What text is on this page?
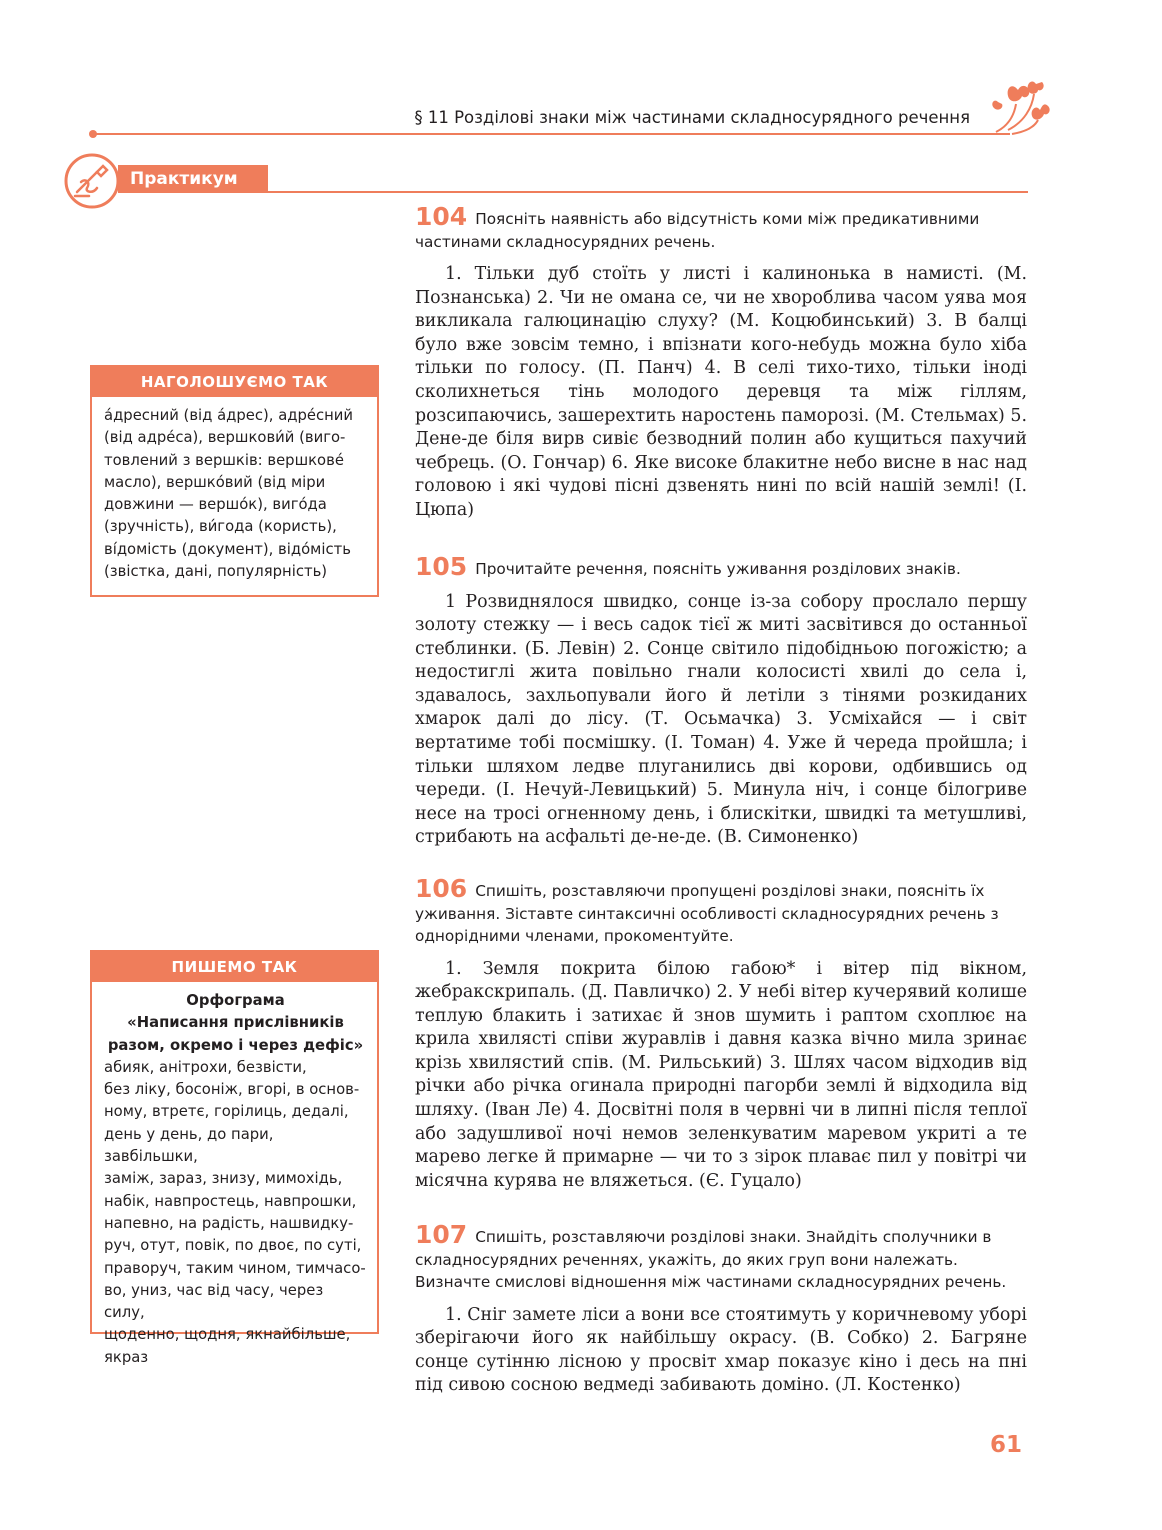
§ 11 Розділові знаки між частинами складносурядного речення
Практикум
НАГОЛОШУЄМО ТАК
а́дресний (від а́дрес), адре́сний
(від адре́са), вершкови́й (виго-
товлений з вершків: вершкове́
масло), вершко́вий (від міри
довжини — вершо́к), виго́да
(зручність), ви́года (користь),
ві́домість (документ), відо́мість
(звістка, дані, популярність)
ПИШЕМО ТАК
Орфограма
«Написання прислівників
разом, окремо і через дефіс»
абияк, анітрохи, безвісти,
без ліку, босоніж, вгорі, в основ-
ному, втретє, горілиць, дедалі,
день у день, до пари, завбільшки,
заміж, зараз, знизу, мимохідь,
набік, навпростець, навпрошки,
напевно, на радість, нашвидку-
руч, отут, повік, по двоє, по суті,
праворуч, таким чином, тимчасо-
во, униз, час від часу, через силу,
щоденно, щодня, якнайбільше,
якраз
104 Поясніть наявність або відсутність коми між предикативними частинами складносурядних речень.
1. Тільки дуб стоїть у листі і калинонька в намисті. (М. Познанська) 2. Чи не омана се, чи не хвороблива часом уява моя викликала галюцинацію слуху? (М. Коцюбинський) 3. В балці було вже зовсім темно, і впізнати кого-небудь можна було хіба тільки по голосу. (П. Панч) 4. В селі тихо-тихо, тільки іноді сколихнеться тінь молодого деревця та між гіллям, розсипаючись, зашерехтить наростень паморозі. (М. Стельмах) 5. Дене-де біля вирв сивіє безводний полин або кущиться пахучий чебрець. (О. Гончар) 6. Яке високе блакитне небо висне в нас над головою і які чудові пісні дзвенять нині по всій нашій землі! (І. Цюпа)
105 Прочитайте речення, поясніть уживання розділових знаків.
1 Розвиднялося швидко, сонце із-за собору прослало першу золоту стежку — і весь садок тієї ж миті засвітився до останньої стеблинки. (Б. Левін) 2. Сонце світило підобідньою погожістю; а недостиглі жита повільно гнали колосисті хвилі до села і, здавалось, захльопували його й летіли з тінями розкиданих хмарок далі до лісу. (Т. Осьмачка) 3. Усміхайся — і світ вертатиме тобі посмішку. (І. Томан) 4. Уже й череда пройшла; і тільки шляхом ледве плуганились дві корови, одбившись од череди. (І. Нечуй-Левицький) 5. Минула ніч, і сонце білогриве несе на тросі огненному день, і блискітки, швидкі та метушливі, стрибають на асфальті де-не-де. (В. Симоненко)
106 Спишіть, розставляючи пропущені розділові знаки, поясніть їх уживання. Зіставте синтаксичні особливості складносурядних речень з однорідними членами, прокоментуйте.
1. Земля покрита білою габою* і вітер під вікном, жебракскрипаль. (Д. Павличко) 2. У небі вітер кучерявий колише теплую блакить і затихає й знов шумить і раптом схоплює на крила хвилясті співи журавлів і давня казка вічно мила зринає крізь хвилястий спів. (М. Рильський) 3. Шлях часом відходив від річки або річка огинала природні пагорби землі й відходила від шляху. (Іван Ле) 4. Досвітні поля в червні чи в липні після теплої або задушливої ночі немов зеленкуватим маревом укриті а те марево легке й примарне — чи то з зірок плаває пил у повітрі чи місячна курява не вляжеться. (Є. Гуцало)
107 Спишіть, розставляючи розділові знаки. Знайдіть сполучники в складносурядних реченнях, укажіть, до яких груп вони належать. Визначте смислові відношення між частинами складносурядних речень.
1. Сніг замете ліси а вони все стоятимуть у коричневому уборі зберігаючи його як найбільшу окрасу. (В. Собко) 2. Багряне сонце сутінню лісною у просвіт хмар показує кіно і десь на пні під сивою сосною ведмеді забивають доміно. (Л. Костенко)
61
